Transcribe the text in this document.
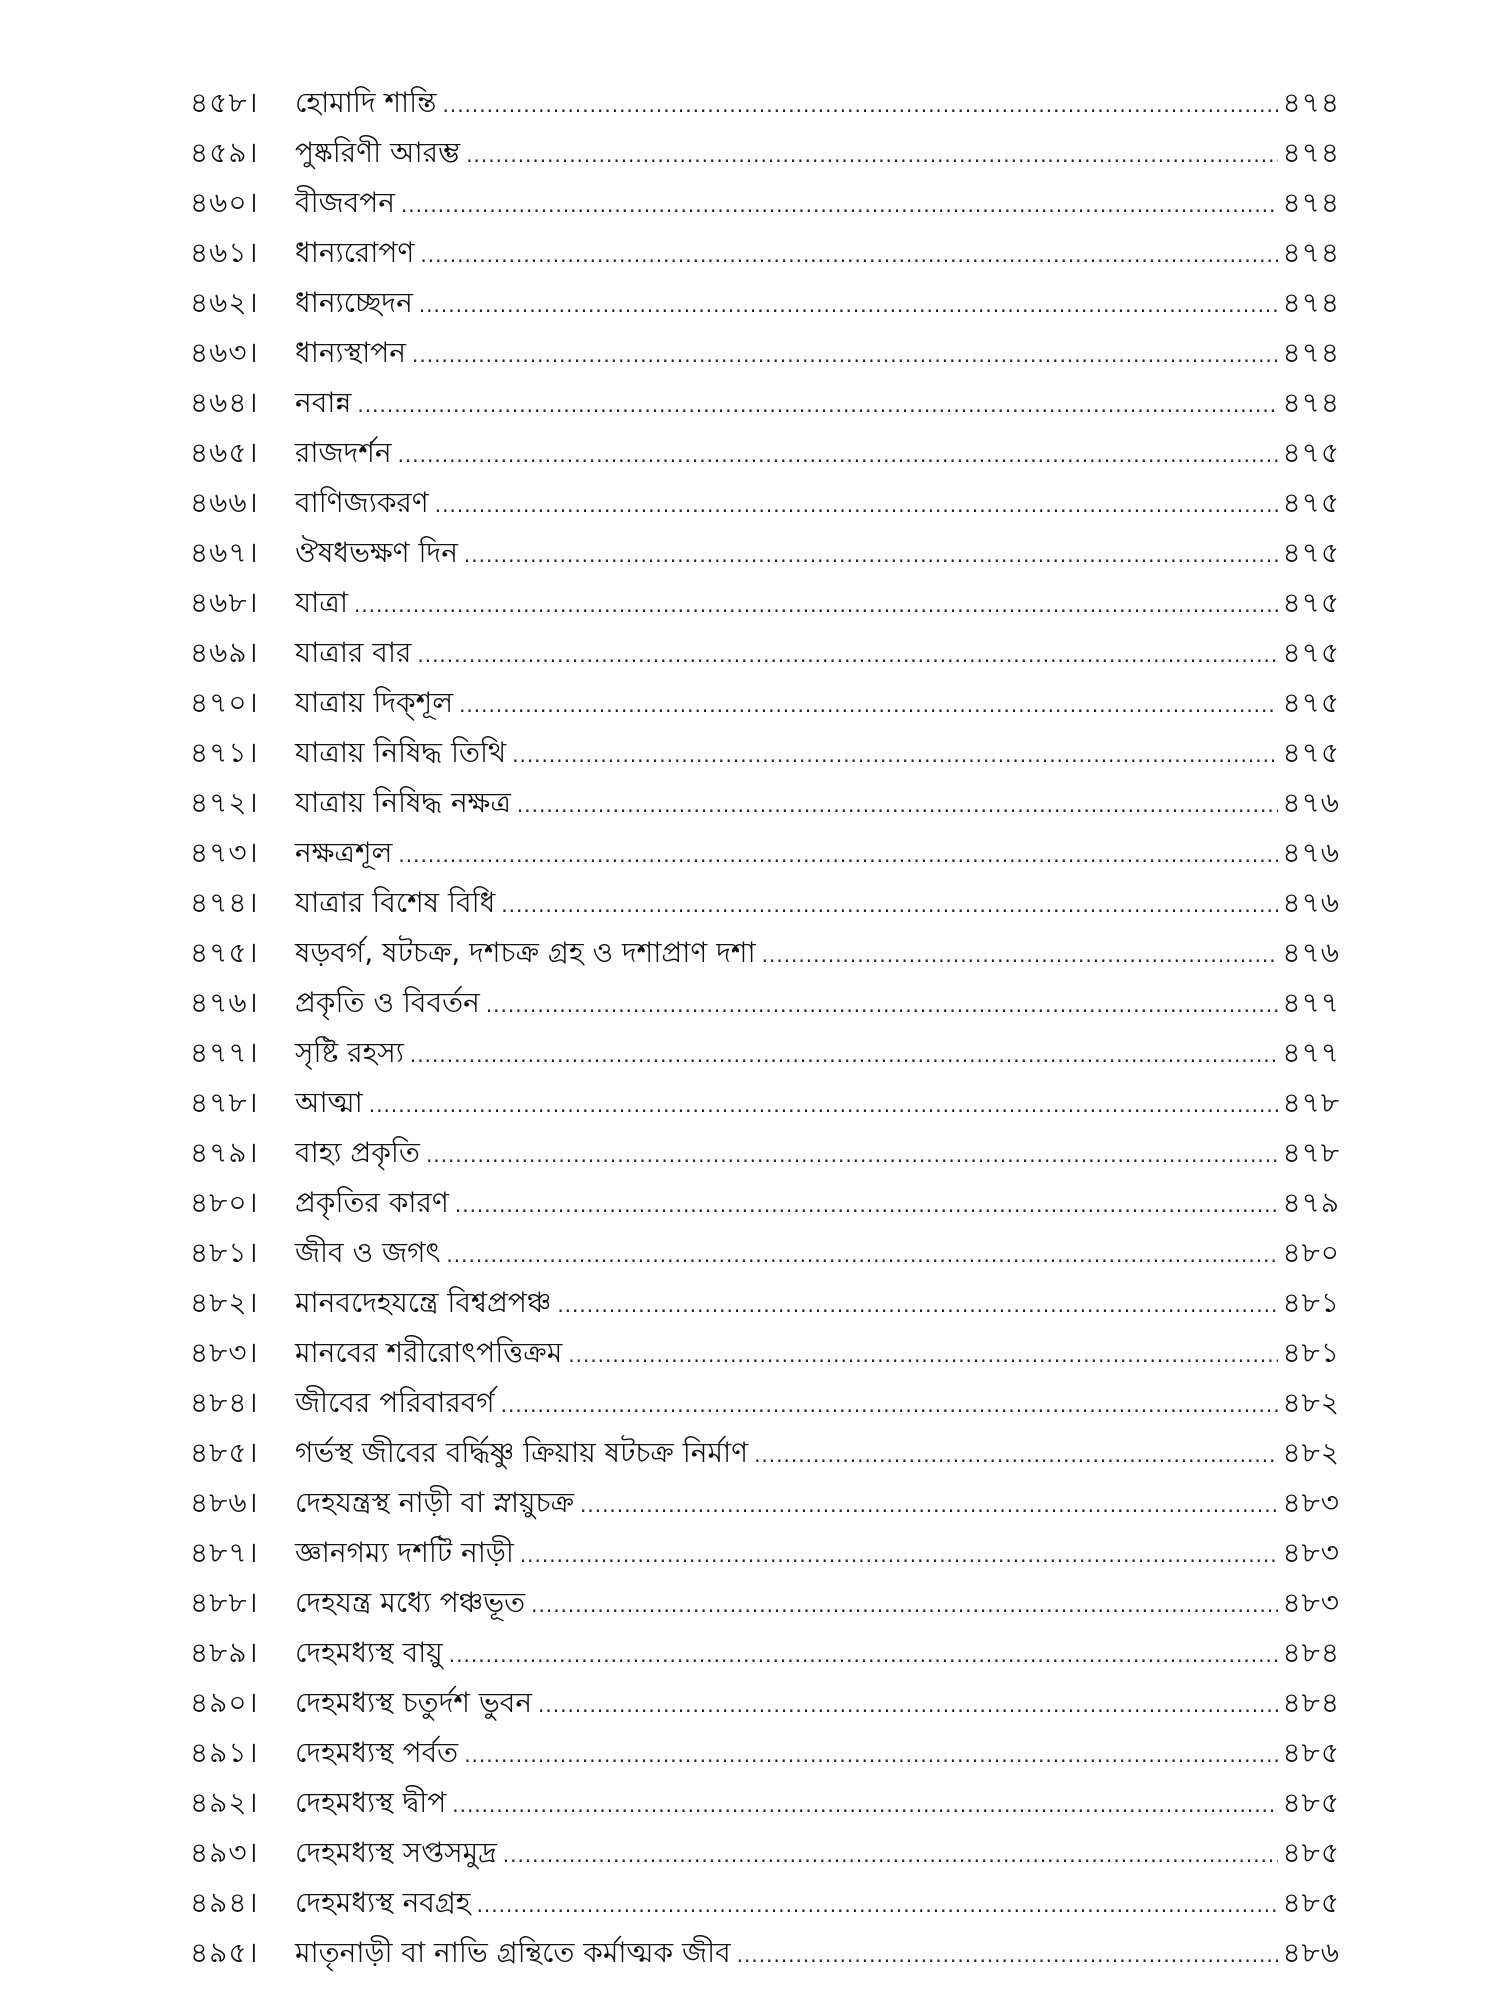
৪৫৮।	হোমাদি শান্তি .....	৪৭৪
৪৫৯।	পুষ্করিণী আরম্ভ .....	৪৭৪
৪৬০।	বীজবপন .....	৪৭৪
৪৬১।	ধান্যরোপণ .....	৪৭৪
৪৬২।	ধান্যচ্ছেদন .....	৪৭৪
৪৬৩।	ধান্যস্থাপন .....	৪৭৪
৪৬৪।	নবান্ন .....	৪৭৪
৪৬৫।	রাজদর্শন .....	৪৭৫
৪৬৬।	বাণিজ্যকরণ .....	৪৭৫
৪৬৭।	ঔষধভক্ষণ দিন .....	৪৭৫
৪৬৮।	যাত্রা .....	৪৭৫
৪৬৯।	যাত্রার বার .....	৪৭৫
৪৭০।	যাত্রায় দিক্শূল .....	৪৭৫
৪৭১।	যাত্রায় নিষিদ্ধ তিথি .....	৪৭৫
৪৭২।	যাত্রায় নিষিদ্ধ নক্ষত্র .....	৪৭৬
৪৭৩।	নক্ষত্রশূল .....	৪৭৬
৪৭৪।	যাত্রার বিশেষ বিধি .....	৪৭৬
৪৭৫।	ষড়বর্গ, ষটচক্র, দশচক্র গ্রহ ও দশাপ্রাণ দশা .....	৪৭৬
৪৭৬।	প্রকৃতি ও বিবর্তন .....	৪৭৭
৪৭৭।	সৃষ্টি রহস্য .....	৪৭৭
৪৭৮।	আত্মা .....	৪৭৮
৪৭৯।	বাহ্য প্রকৃতি .....	৪৭৮
৪৮০।	প্রকৃতির কারণ .....	৪৭৯
৪৮১।	জীব ও জগৎ .....	৪৮০
৪৮২।	মানবদেহযন্ত্রে বিশ্বপ্রপঞ্চ .....	৪৮১
৪৮৩।	মানবের শরীরোৎপত্তিক্রম .....	৪৮১
৪৮৪।	জীবের পরিবারবর্গ .....	৪৮২
৪৮৫।	গর্ভস্থ জীবের বর্দ্ধিষ্ণু ক্রিয়ায় ষটচক্র নির্মাণ .....	৪৮২
৪৮৬।	দেহযন্ত্রস্থ নাড়ী বা স্নায়ুচক্র .....	৪৮৩
৪৮৭।	জ্ঞানগম্য দশটি নাড়ী .....	৪৮৩
৪৮৮।	দেহযন্ত্র মধ্যে পঞ্চভূত .....	৪৮৩
৪৮৯।	দেহমধ্যস্থ বায়ু .....	৪৮৪
৪৯০।	দেহমধ্যস্থ চতুর্দশ ভুবন .....	৪৮৪
৪৯১।	দেহমধ্যস্থ পর্বত .....	৪৮৫
৪৯২।	দেহমধ্যস্থ দ্বীপ .....	৪৮৫
৪৯৩।	দেহমধ্যস্থ সপ্তসমুদ্র .....	৪৮৫
৪৯৪।	দেহমধ্যস্থ নবগ্রহ .....	৪৮৫
৪৯৫।	মাতৃনাড়ী বা নাভি গ্রন্থিতে কর্মাত্মক জীব .....	৪৮৬
